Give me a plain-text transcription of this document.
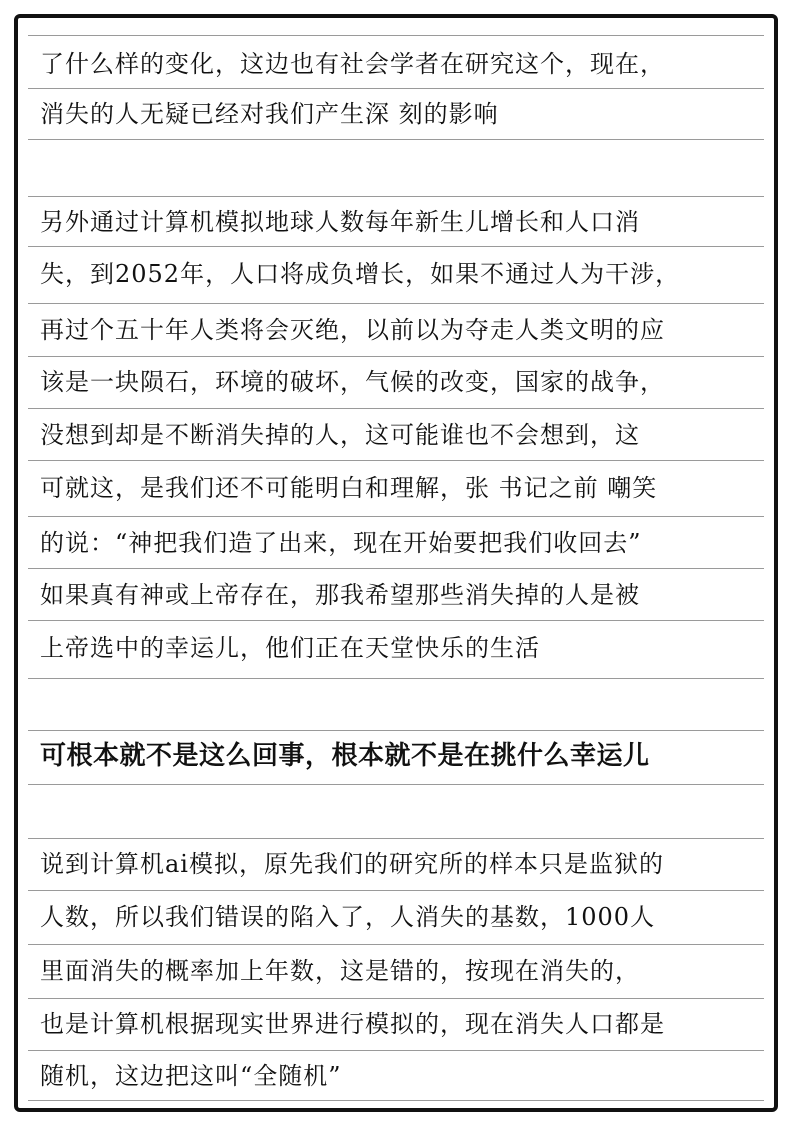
了什么样的变化，这边也有社会学者在研究这个，现在，
消失的人无疑已经对我们产生深 刻的影响
另外通过计算机模拟地球人数每年新生儿增长和人口消
失，到2052年，人口将成负增长，如果不通过人为干涉，
再过个五十年人类将会灭绝，以前以为夺走人类文明的应
该是一块陨石，环境的破坏，气候的改变，国家的战争，
没想到却是不断消失掉的人，这可能谁也不会想到，这
可就这，是我们还不可能明白和理解，张 书记之前 嘲笑
的说：“神把我们造了出来，现在开始要把我们收回去”
如果真有神或上帝存在，那我希望那些消失掉的人是被
上帝选中的幸运儿，他们正在天堂快乐的生活
可根本就不是这么回事，根本就不是在挑什么幸运儿
说到计算机ai模拟，原先我们的研究所的样本只是监狱的
人数，所以我们错误的陷入了，人消失的基数，1000人
里面消失的概率加上年数，这是错的，按现在消失的，
也是计算机根据现实世界进行模拟的，现在消失人口都是
随机，这边把这叫“全随机”
